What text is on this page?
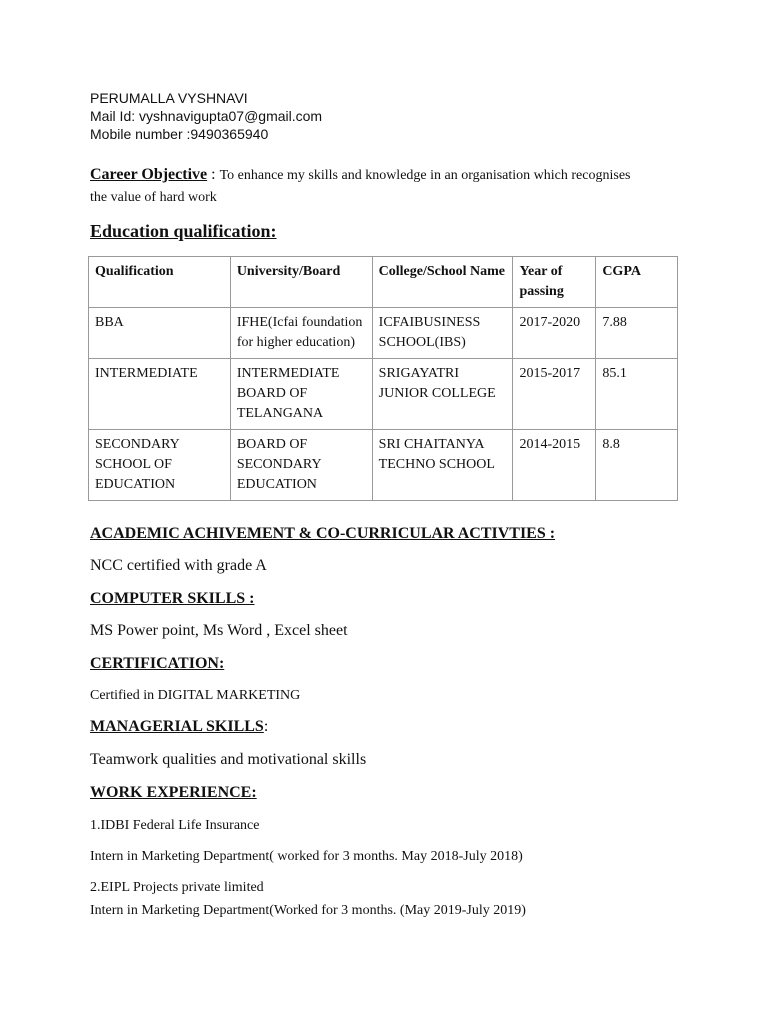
PERUMALLA VYSHNAVI
Mail Id: vyshnavigupta07@gmail.com
Mobile number :9490365940
Career Objective : To enhance my skills and knowledge in an organisation which recognises
the value of hard work
Education qualification:
Qualification	University/Board	College/School Name	Year of passing	CGPA
BBA	IFHE(Icfai foundation for higher education)	ICFAIBUSINESS SCHOOL(IBS)	2017-2020	7.88
INTERMEDIATE	INTERMEDIATE BOARD OF TELANGANA	SRIGAYATRI JUNIOR COLLEGE	2015-2017	85.1
SECONDARY SCHOOL OF EDUCATION	BOARD OF SECONDARY EDUCATION	SRI CHAITANYA TECHNO SCHOOL	2014-2015	8.8
ACADEMIC ACHIVEMENT & CO-CURRICULAR ACTIVTIES :
NCC certified with grade A
COMPUTER SKILLS :
MS Power point, Ms Word , Excel sheet
CERTIFICATION:
Certified in DIGITAL MARKETING
MANAGERIAL SKILLS:
Teamwork qualities and motivational skills
WORK EXPERIENCE:
1.IDBI Federal Life Insurance
Intern in Marketing Department( worked for 3 months. May 2018-July 2018)
2.EIPL Projects private limited
Intern in Marketing Department(Worked for 3 months. (May 2019-July 2019)
